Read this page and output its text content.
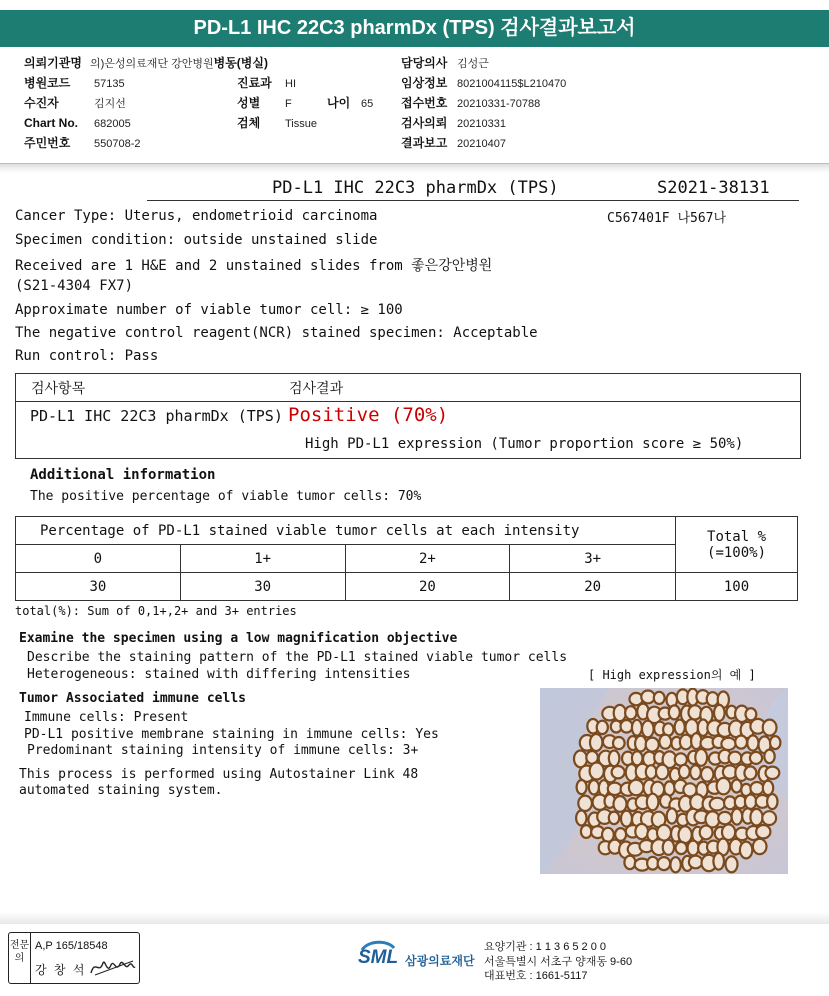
PD-L1 IHC 22C3 pharmDx (TPS) 검사결과보고서
의뢰기관명 의)은성의료재단 강안병원병동(병실)
병원코드 57135	진료과 HI
수진자	김지선	성별 F	나이 65
Chart No. 682005	검체 Tissue
주민번호 550708-2
담당의사 김성근
임상정보 8021004115$L210470
접수번호 20210331-70788
검사의뢰 20210331
결과보고 20210407
PD-L1 IHC 22C3 pharmDx (TPS)	S2021-38131
C567401F 나567나
Cancer Type: Uterus, endometrioid carcinoma
Specimen condition: outside unstained slide
Received are 1 H&E and 2 unstained slides from 좋은강안병원
(S21-4304 FX7)
Approximate number of viable tumor cell: ≥ 100
The negative control reagent(NCR) stained specimen: Acceptable
Run control: Pass
검사항목	검사결과
PD-L1 IHC 22C3 pharmDx (TPS) Positive (70%)
High PD-L1 expression (Tumor proportion score ≥ 50%)
Additional information
The positive percentage of viable tumor cells: 70%
Percentage of PD-L1 stained viable tumor cells at each intensity				Total %
(=100%)

0	1+	2+	3+	
30	30	20	20	100
total(%): Sum of 0,1+,2+ and 3+ entries
Examine the specimen using a low magnification objective
Describe the staining pattern of the PD-L1 stained viable tumor cells
Heterogeneous: stained with differing intensities	[ High expression의 예 ]
Tumor Associated immune cells
Immune cells: Present
PD-L1 positive membrane staining in immune cells: Yes
Predominant staining intensity of immune cells: 3+
This process is performed using Autostainer Link 48
automated staining system.
전문의
A,P 165/18548
강 창 석
SML 삼광의료재단
요양기관 : 1 1 3 6 5 2 0 0
서울특별시 서초구 양재동 9-60
대표번호 : 1661-5117
